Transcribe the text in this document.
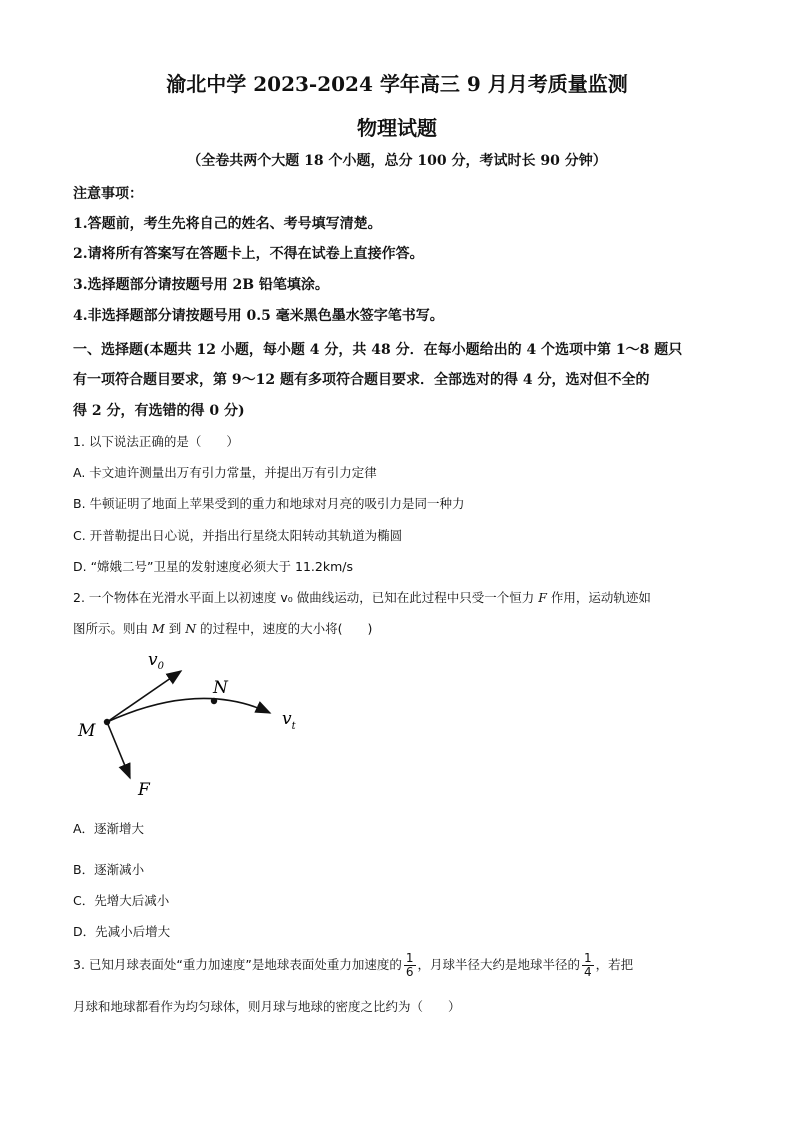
渝北中学 2023-2024 学年高三 9 月月考质量监测
物理试题
（全卷共两个大题 18 个小题，总分 100 分，考试时长 90 分钟）
注意事项：
1.答题前，考生先将自己的姓名、考号填写清楚。
2.请将所有答案写在答题卡上，不得在试卷上直接作答。
3.选择题部分请按题号用 2B 铅笔填涂。
4.非选择题部分请按题号用 0.5 毫米黑色墨水签字笔书写。
一、选择题(本题共 12 小题，每小题 4 分，共 48 分．在每小题给出的 4 个选项中第 1～8 题只
有一项符合题目要求，第 9～12 题有多项符合题目要求．全部选对的得 4 分，选对但不全的
得 2 分，有选错的得 0 分)
1. 以下说法正确的是（　　）
A. 卡文迪许测量出万有引力常量，并提出万有引力定律
B. 牛顿证明了地面上苹果受到的重力和地球对月亮的吸引力是同一种力
C. 开普勒提出日心说，并指出行星绕太阳转动其轨道为椭圆
D. “嫦娥二号”卫星的发射速度必须大于 11.2km/s
2. 一个物体在光滑水平面上以初速度 v₀ 做曲线运动，已知在此过程中只受一个恒力 F 作用，运动轨迹如
图所示。则由 M 到 N 的过程中，速度的大小将(　　)
$v_0$
N
M
$v_t$
F
A．逐渐增大
B．逐渐减小
C．先增大后减小
D．先减小后增大
3. 已知月球表面处“重力加速度”是地球表面处重力加速度的 $\frac{1}{6}$ ，月球半径大约是地球半径的 $\frac{1}{4}$ ，若把
月球和地球都看作为均匀球体，则月球与地球的密度之比约为（　　）
